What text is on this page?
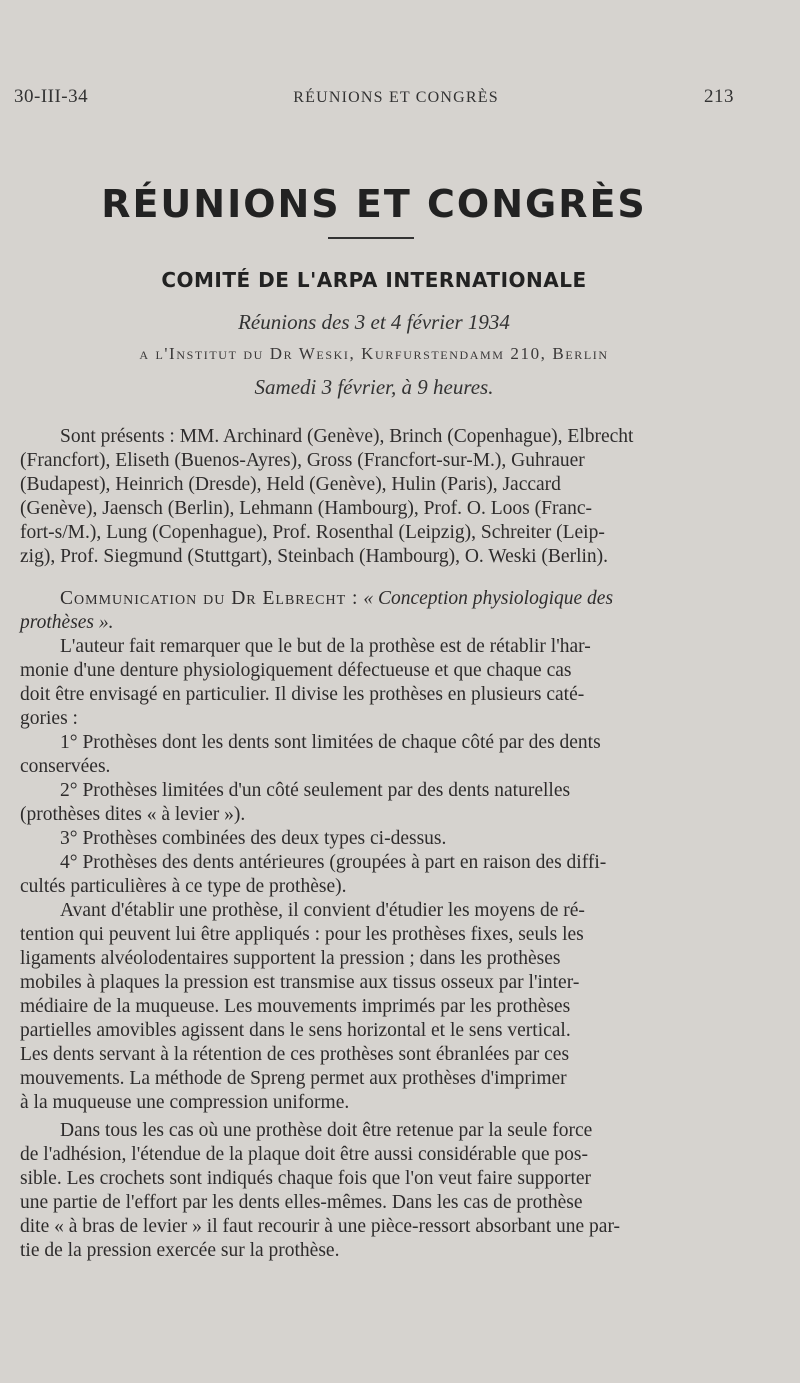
30-III-34	RÉUNIONS ET CONGRÈS	213
RÉUNIONS ET CONGRÈS
COMITÉ DE L'ARPA INTERNATIONALE
Réunions des 3 et 4 février 1934
a l'Institut du Dr Weski, Kurfurstendamm 210, Berlin
Samedi 3 février, à 9 heures.
Sont présents : MM. Archinard (Genève), Brinch (Copenhague), Elbrecht
(Francfort), Eliseth (Buenos-Ayres), Gross (Francfort-sur-M.), Guhrauer
(Budapest), Heinrich (Dresde), Held (Genève), Hulin (Paris), Jaccard
(Genève), Jaensch (Berlin), Lehmann (Hambourg), Prof. O. Loos (Franc-
fort-s/M.), Lung (Copenhague), Prof. Rosenthal (Leipzig), Schreiter (Leip-
zig), Prof. Siegmund (Stuttgart), Steinbach (Hambourg), O. Weski (Berlin).
Communication du Dr Elbrecht : « Conception physiologique des
prothèses ».
L'auteur fait remarquer que le but de la prothèse est de rétablir l'har-
monie d'une denture physiologiquement défectueuse et que chaque cas
doit être envisagé en particulier. Il divise les prothèses en plusieurs caté-
gories :
1° Prothèses dont les dents sont limitées de chaque côté par des dents
conservées.
2° Prothèses limitées d'un côté seulement par des dents naturelles
(prothèses dites « à levier »).
3° Prothèses combinées des deux types ci-dessus.
4° Prothèses des dents antérieures (groupées à part en raison des diffi-
cultés particulières à ce type de prothèse).
Avant d'établir une prothèse, il convient d'étudier les moyens de ré-
tention qui peuvent lui être appliqués : pour les prothèses fixes, seuls les
ligaments alvéolodentaires supportent la pression ; dans les prothèses
mobiles à plaques la pression est transmise aux tissus osseux par l'inter-
médiaire de la muqueuse. Les mouvements imprimés par les prothèses
partielles amovibles agissent dans le sens horizontal et le sens vertical.
Les dents servant à la rétention de ces prothèses sont ébranlées par ces
mouvements. La méthode de Spreng permet aux prothèses d'imprimer
à la muqueuse une compression uniforme.
Dans tous les cas où une prothèse doit être retenue par la seule force
de l'adhésion, l'étendue de la plaque doit être aussi considérable que pos-
sible. Les crochets sont indiqués chaque fois que l'on veut faire supporter
une partie de l'effort par les dents elles-mêmes. Dans les cas de prothèse
dite « à bras de levier » il faut recourir à une pièce-ressort absorbant une par-
tie de la pression exercée sur la prothèse.
